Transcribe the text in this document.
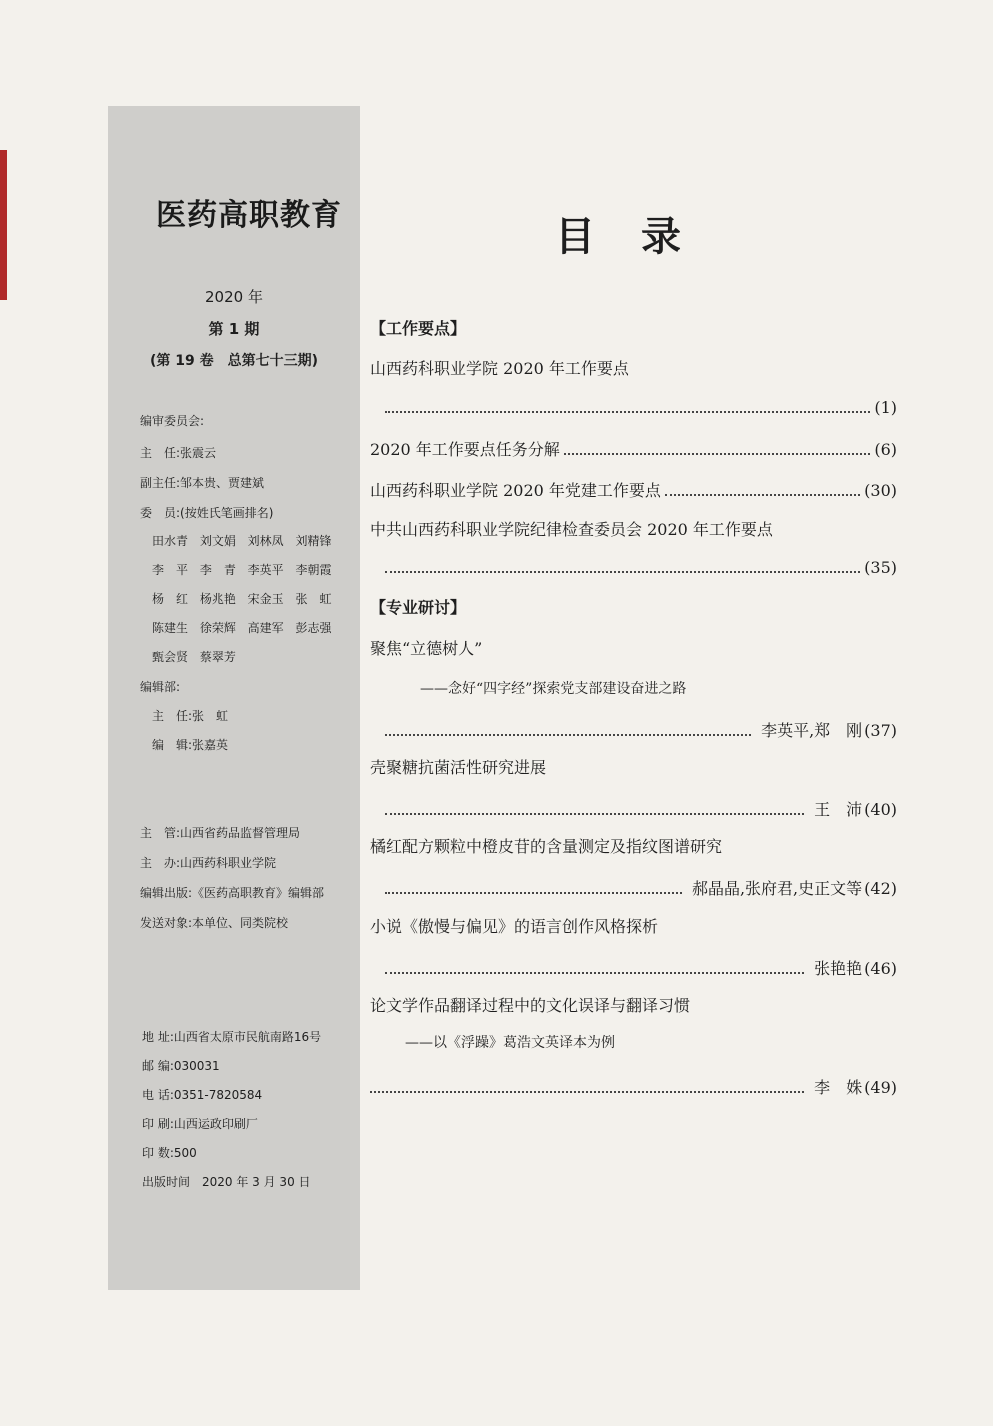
医药高职教育
2020 年
第 1 期
(第 19 卷　总第七十三期)
编审委员会:
主　任:张震云
副主任:邹本贵、贾建斌
委　员:(按姓氏笔画排名)
田水青 刘文娟 刘林凤 刘精锋
李　平 李　青 李英平 李朝霞
杨　红 杨兆艳 宋金玉 张　虹
陈建生 徐荣辉 高建军 彭志强
甄会贤 蔡翠芳
编辑部:
主　任:张　虹
编　辑:张嘉英
主　管:山西省药品监督管理局
主　办:山西药科职业学院
编辑出版:《医药高职教育》编辑部
发送对象:本单位、同类院校
地 址:山西省太原市民航南路16号
邮 编:030031
电 话:0351-7820584
印 刷:山西运政印刷厂
印 数:500
出版时间　2020 年 3 月 30 日
目录
【工作要点】
山西药科职业学院 2020 年工作要点
(1)
2020 年工作要点任务分解	(6)
山西药科职业学院 2020 年党建工作要点	(30)
中共山西药科职业学院纪律检查委员会 2020 年工作要点
(35)
【专业研讨】
聚焦“立德树人”
——念好“四字经”探索党支部建设奋进之路
李英平,郑　刚 (37)
壳聚糖抗菌活性研究进展
王　沛 (40)
橘红配方颗粒中橙皮苷的含量测定及指纹图谱研究
郝晶晶,张府君,史正文等 (42)
小说《傲慢与偏见》的语言创作风格探析
张艳艳 (46)
论文学作品翻译过程中的文化误译与翻译习惯
——以《浮躁》葛浩文英译本为例
李　姝 (49)
